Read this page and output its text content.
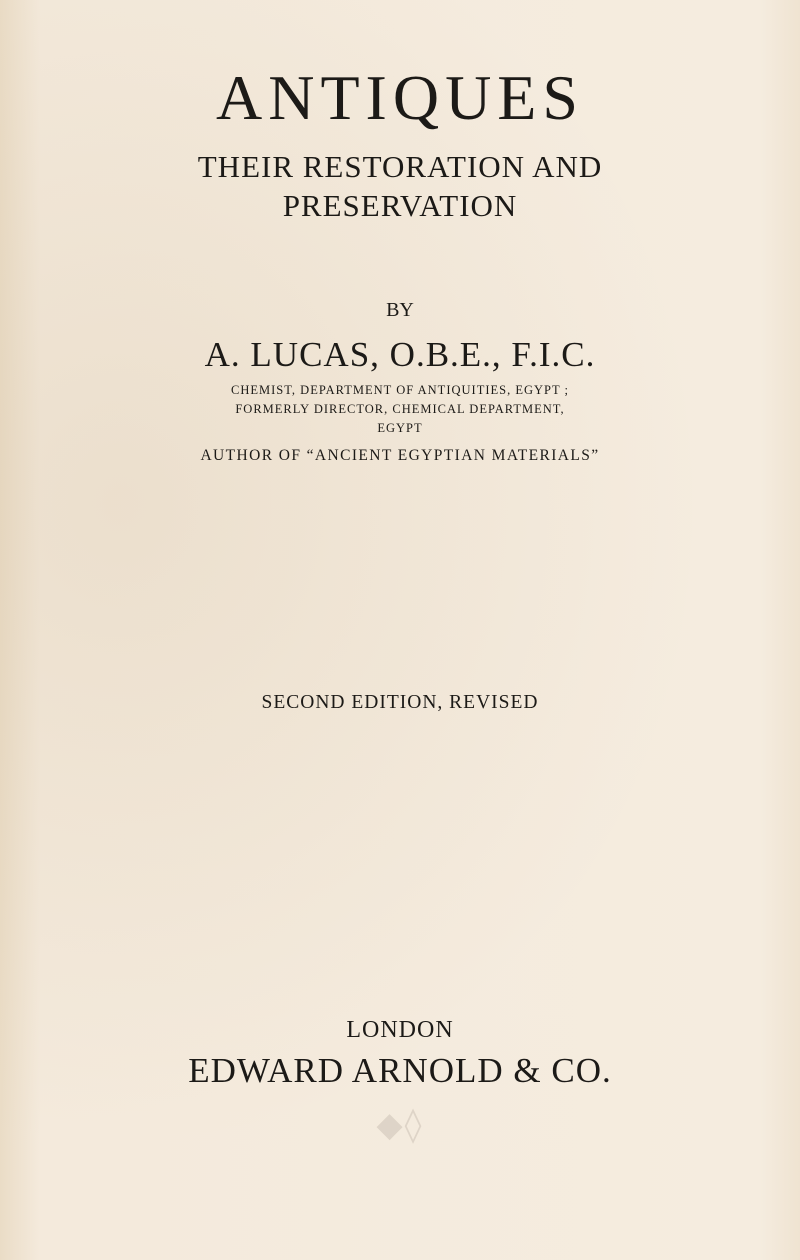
ANTIQUES
THEIR RESTORATION AND
PRESERVATION
BY
A. LUCAS, O.B.E., F.I.C.
CHEMIST, DEPARTMENT OF ANTIQUITIES, EGYPT ;
FORMERLY DIRECTOR, CHEMICAL DEPARTMENT,
EGYPT
AUTHOR OF “ANCIENT EGYPTIAN MATERIALS”
SECOND EDITION, REVISED
LONDON
EDWARD ARNOLD & CO.
◆◊
